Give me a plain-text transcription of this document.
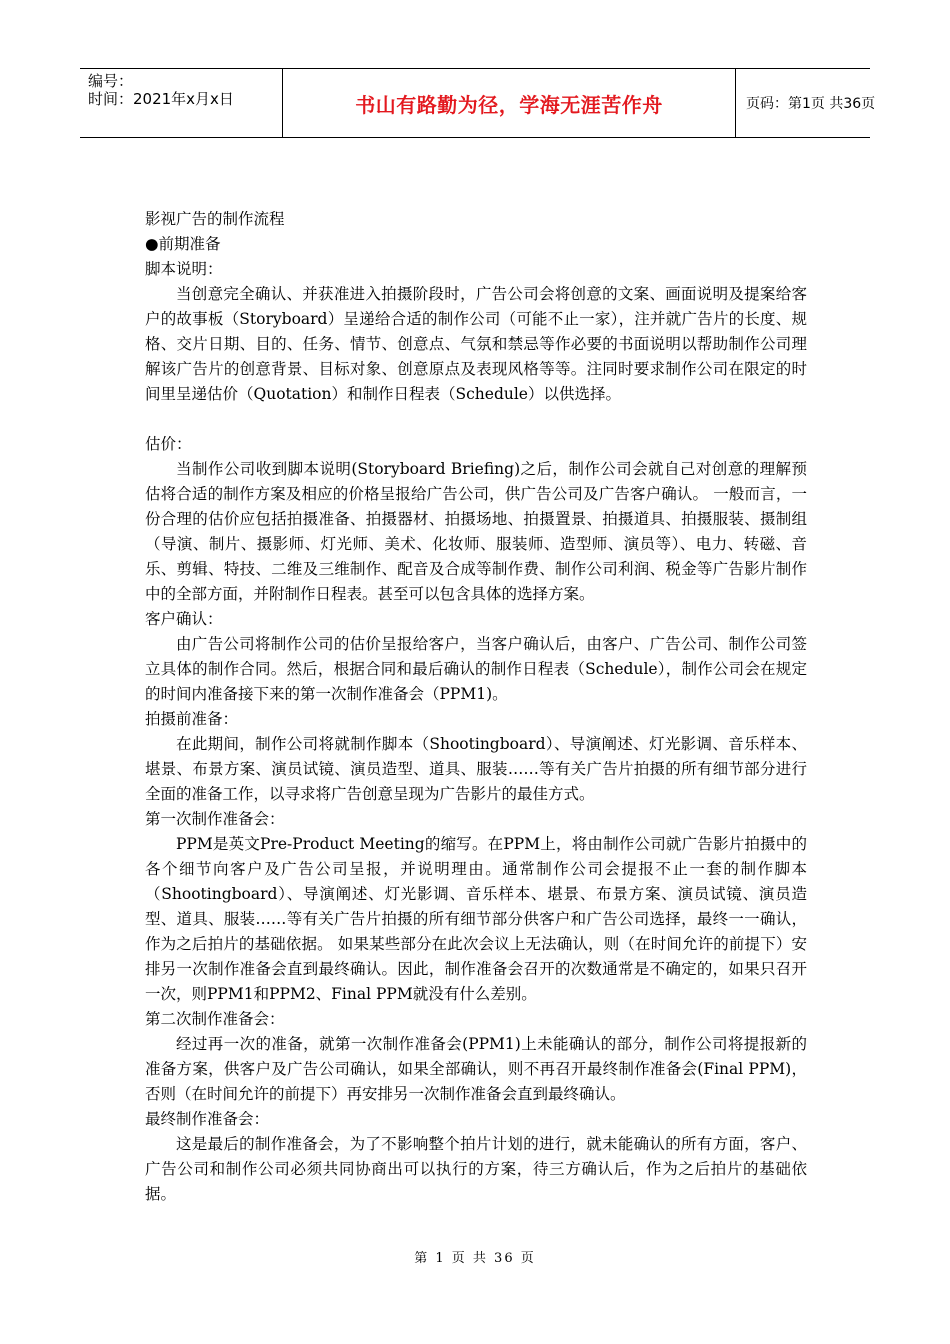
编号：
时间：2021年x月x日	书山有路勤为径，学海无涯苦作舟	页码：第1页 共36页

影视广告的制作流程

●前期准备

脚本说明：

当创意完全确认、并获准进入拍摄阶段时，广告公司会将创意的文案、画面说明及提案给客户的故事板（Storyboard）呈递给合适的制作公司（可能不止一家），注并就广告片的长度、规格、交片日期、目的、任务、情节、创意点、气氛和禁忌等作必要的书面说明以帮助制作公司理解该广告片的创意背景、目标对象、创意原点及表现风格等等。注同时要求制作公司在限定的时间里呈递估价（Quotation）和制作日程表（Schedule）以供选择。

估价：

当制作公司收到脚本说明(Storyboard Briefing)之后，制作公司会就自己对创意的理解预估将合适的制作方案及相应的价格呈报给广告公司，供广告公司及广告客户确认。 一般而言，一份合理的估价应包括拍摄准备、拍摄器材、拍摄场地、拍摄置景、拍摄道具、拍摄服装、摄制组（导演、制片、摄影师、灯光师、美术、化妆师、服装师、造型师、演员等）、电力、转磁、音乐、剪辑、特技、二维及三维制作、配音及合成等制作费、制作公司利润、税金等广告影片制作中的全部方面，并附制作日程表。甚至可以包含具体的选择方案。

客户确认：

由广告公司将制作公司的估价呈报给客户，当客户确认后，由客户、广告公司、制作公司签立具体的制作合同。然后，根据合同和最后确认的制作日程表（Schedule），制作公司会在规定的时间内准备接下来的第一次制作准备会（PPM1)。

拍摄前准备：

在此期间，制作公司将就制作脚本（Shootingboard）、导演阐述、灯光影调、音乐样本、堪景、布景方案、演员试镜、演员造型、道具、服装……等有关广告片拍摄的所有细节部分进行全面的准备工作，以寻求将广告创意呈现为广告影片的最佳方式。

第一次制作准备会：

PPM是英文Pre-Product Meeting的缩写。在PPM上，将由制作公司就广告影片拍摄中的各个细节向客户及广告公司呈报，并说明理由。通常制作公司会提报不止一套的制作脚本（Shootingboard）、导演阐述、灯光影调、音乐样本、堪景、布景方案、演员试镜、演员造型、道具、服装……等有关广告片拍摄的所有细节部分供客户和广告公司选择，最终一一确认，作为之后拍片的基础依据。 如果某些部分在此次会议上无法确认，则（在时间允许的前提下）安排另一次制作准备会直到最终确认。因此，制作准备会召开的次数通常是不确定的，如果只召开一次，则PPM1和PPM2、Final PPM就没有什么差别。

第二次制作准备会：

经过再一次的准备，就第一次制作准备会(PPM1)上未能确认的部分，制作公司将提报新的准备方案，供客户及广告公司确认，如果全部确认，则不再召开最终制作准备会(Final PPM)，否则（在时间允许的前提下）再安排另一次制作准备会直到最终确认。

最终制作准备会：

这是最后的制作准备会，为了不影响整个拍片计划的进行，就未能确认的所有方面，客户、广告公司和制作公司必须共同协商出可以执行的方案，待三方确认后，作为之后拍片的基础依据。

第 1 页 共 36 页
